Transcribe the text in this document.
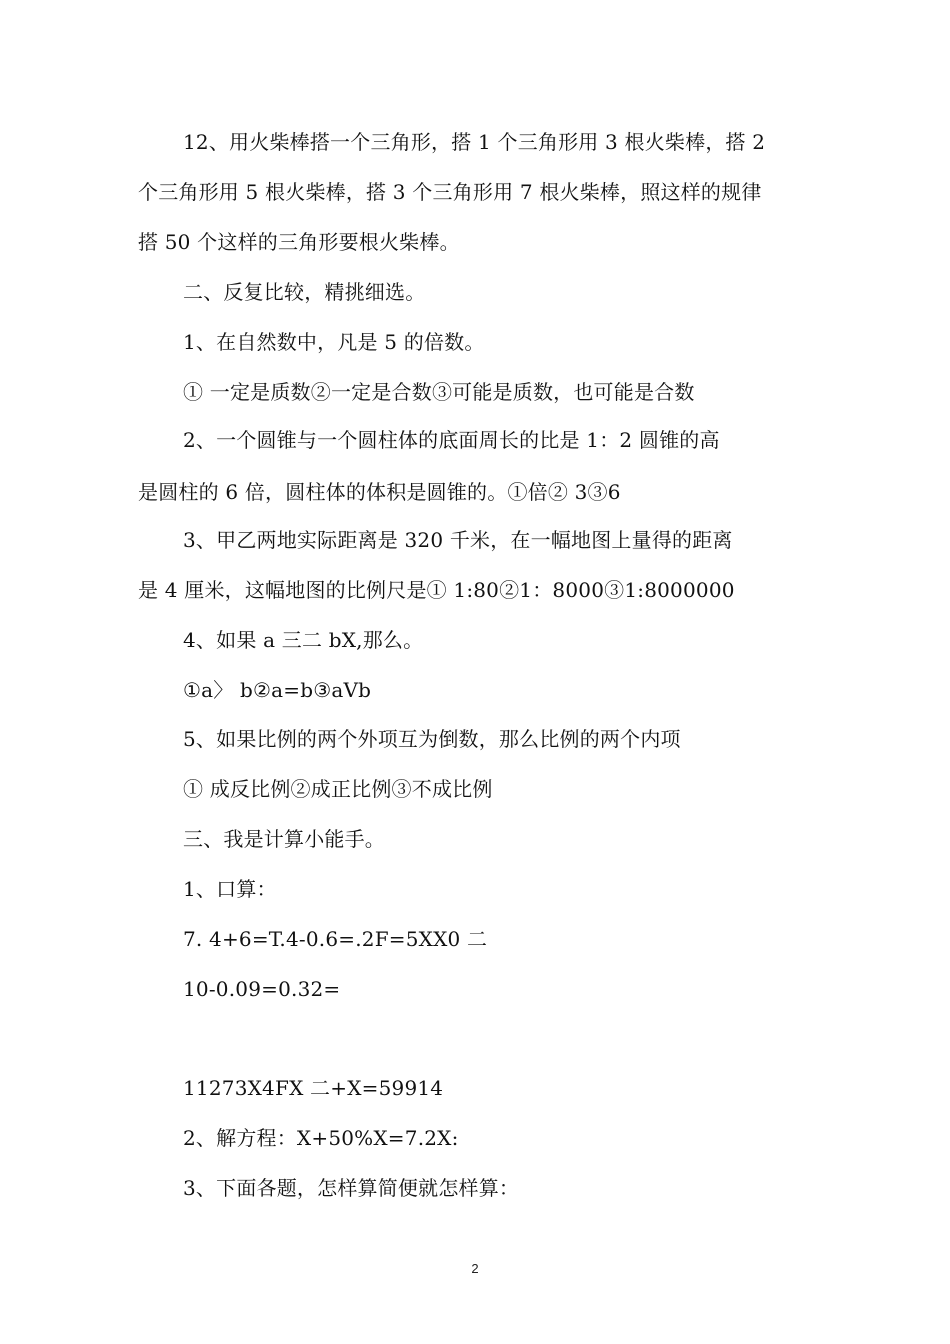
12、用火柴棒搭一个三角形，搭 1 个三角形用 3 根火柴棒，搭 2
个三角形用 5 根火柴棒，搭 3 个三角形用 7 根火柴棒，照这样的规律
搭 50 个这样的三角形要根火柴棒。
二、反复比较，精挑细选。
1、在自然数中，凡是 5 的倍数。
① 一定是质数②一定是合数③可能是质数，也可能是合数
2、一个圆锥与一个圆柱体的底面周长的比是 1：2 圆锥的高
是圆柱的 6 倍，圆柱体的体积是圆锥的。①倍② 3③6
3、甲乙两地实际距离是 320 千米，在一幅地图上量得的距离
是 4 厘米，这幅地图的比例尺是① 1:80②1：8000③1:8000000
4、如果 a 三二 bX,那么。
①a〉 b②a=b③aVb
5、如果比例的两个外项互为倒数，那么比例的两个内项
① 成反比例②成正比例③不成比例
三、我是计算小能手。
1、口算：
7. 4+6=T.4-0.6=.2F=5XX0 二
10-0.09=0.32=
11273X4FX 二+X=59914
2、解方程：X+50%X=7.2X:
3、下面各题，怎样算简便就怎样算：
2
